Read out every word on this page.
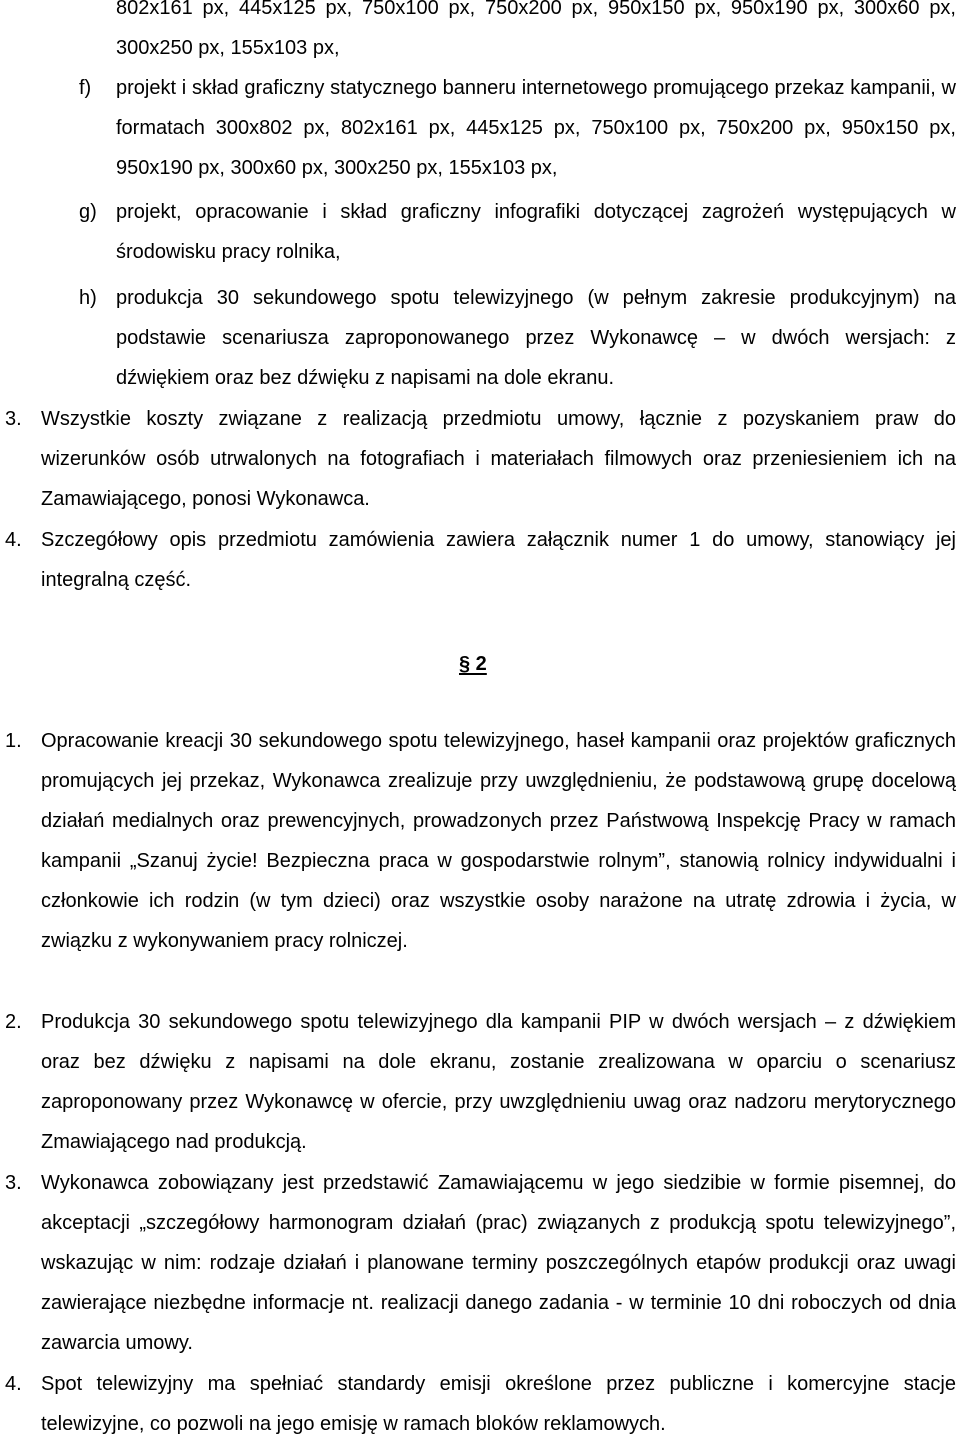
802x161 px, 445x125 px, 750x100 px, 750x200 px, 950x150 px, 950x190 px, 300x60 px, 300x250 px, 155x103 px,
f) projekt i skład graficzny statycznego banneru internetowego promującego przekaz kampanii, w formatach 300x802 px, 802x161 px, 445x125 px, 750x100 px, 750x200 px, 950x150 px, 950x190 px, 300x60 px, 300x250 px, 155x103 px,
g) projekt, opracowanie i skład graficzny infografiki dotyczącej zagrożeń występujących w środowisku pracy rolnika,
h) produkcja 30 sekundowego spotu telewizyjnego (w pełnym zakresie produkcyjnym) na podstawie scenariusza zaproponowanego przez Wykonawcę – w dwóch wersjach: z dźwiękiem oraz bez dźwięku z napisami na dole ekranu.
3. Wszystkie koszty związane z realizacją przedmiotu umowy, łącznie z pozyskaniem praw do wizerunków osób utrwalonych na fotografiach i materiałach filmowych oraz przeniesieniem ich na Zamawiającego, ponosi Wykonawca.
4. Szczegółowy opis przedmiotu zamówienia zawiera załącznik numer 1 do umowy, stanowiący jej integralną część.
§ 2
1. Opracowanie kreacji 30 sekundowego spotu telewizyjnego, haseł kampanii oraz projektów graficznych promujących jej przekaz, Wykonawca zrealizuje przy uwzględnieniu, że podstawową grupę docelową działań medialnych oraz prewencyjnych, prowadzonych przez Państwową Inspekcję Pracy w ramach kampanii „Szanuj życie! Bezpieczna praca w gospodarstwie rolnym”, stanowią rolnicy indywidualni i członkowie ich rodzin (w tym dzieci) oraz wszystkie osoby narażone na utratę zdrowia i życia, w związku z wykonywaniem pracy rolniczej.
2. Produkcja 30 sekundowego spotu telewizyjnego dla kampanii PIP w dwóch wersjach – z dźwiękiem oraz bez dźwięku z napisami na dole ekranu, zostanie zrealizowana w oparciu o scenariusz zaproponowany przez Wykonawcę w ofercie, przy uwzględnieniu uwag oraz nadzoru merytorycznego Zmawiającego nad produkcją.
3. Wykonawca zobowiązany jest przedstawić Zamawiającemu w jego siedzibie w formie pisemnej, do akceptacji „szczegółowy harmonogram działań (prac) związanych z produkcją spotu telewizyjnego”, wskazując w nim: rodzaje działań i planowane terminy poszczególnych etapów produkcji oraz uwagi zawierające niezbędne informacje nt. realizacji danego zadania - w terminie 10 dni roboczych od dnia zawarcia umowy.
4. Spot telewizyjny ma spełniać standardy emisji określone przez publiczne i komercyjne stacje telewizyjne, co pozwoli na jego emisję w ramach bloków reklamowych.
